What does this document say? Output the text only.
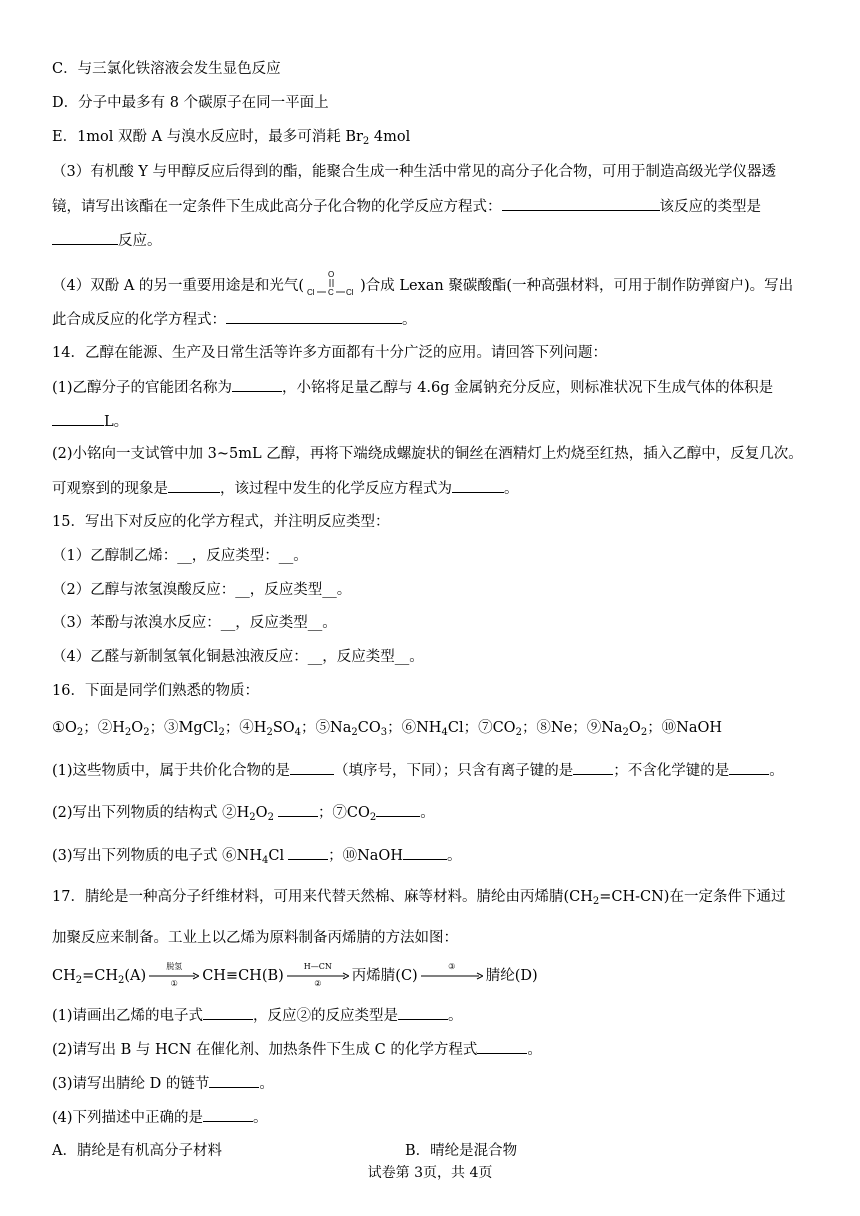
C．与三氯化铁溶液会发生显色反应
D．分子中最多有 8 个碳原子在同一平面上
E．1mol 双酚 A 与溴水反应时，最多可消耗 $Br_2$ 4mol
（3）有机酸 Y 与甲醇反应后得到的酯，能聚合生成一种生活中常见的高分子化合物，可用于制造高级光学仪器透
镜，请写出该酯在一定条件下生成此高分子化合物的化学反应方程式：	该反应的类型是
反应。
（4）双酚 A 的另一重要用途是和光气(
O
Cl C Cl )合成 Lexan 聚碳酸酯(一种高强材料，可用于制作防弹窗户)。写出
此合成反应的化学方程式：	。
14．乙醇在能源、生产及日常生活等许多方面都有十分广泛的应用。请回答下列问题：
(1)乙醇分子的官能团名称为	，小铭将足量乙醇与 4.6g 金属钠充分反应，则标准状况下生成气体的体积是
L。
(2)小铭向一支试管中加 3~5mL 乙醇，再将下端绕成螺旋状的铜丝在酒精灯上灼烧至红热，插入乙醇中，反复几次。
可观察到的现象是	，该过程中发生的化学反应方程式为	。
15．写出下对反应的化学方程式，并注明反应类型：
（1）乙醇制乙烯：__，反应类型：__。
（2）乙醇与浓氢溴酸反应：__，反应类型__。
（3）苯酚与浓溴水反应：__，反应类型__。
（4）乙醛与新制氢氧化铜悬浊液反应：__，反应类型__。
16．下面是同学们熟悉的物质：
$①O_2$；$②H_2O_2$；③MgCl$_2$；$④H_2SO_4$；$⑤Na_2CO_3$；$⑥NH_4Cl$；$⑦CO_2$；⑧Ne；$⑨Na_2O_2$；⑩NaOH
(1)这些物质中，属于共价化合物的是	（填序号，下同）；只含有离子键的是	；不含化学键的是	。
(2)写出下列物质的结构式 $②H_2O_2$	；$⑦CO_2$	。
(3)写出下列物质的电子式 $⑥NH_4Cl$	；⑩NaOH	。
17．腈纶是一种高分子纤维材料，可用来代替天然棉、麻等材料。腈纶由丙烯腈$(CH_2=CH-CN)$在一定条件下通过
加聚反应来制备。工业上以乙烯为原料制备丙烯腈的方法如图：
$CH_2=CH_2(A)$
脱氢
①	CH≡CH(B)
H—CN
②	丙烯腈(C)
③
腈纶(D)
(1)请画出乙烯的电子式	，反应②的反应类型是	。
(2)请写出 B 与 HCN 在催化剂、加热条件下生成 C 的化学方程式	。
(3)请写出腈纶 D 的链节	。
(4)下列描述中正确的是	。
A．腈纶是有机高分子材料	B．晴纶是混合物
试卷第 3页，共 4页
